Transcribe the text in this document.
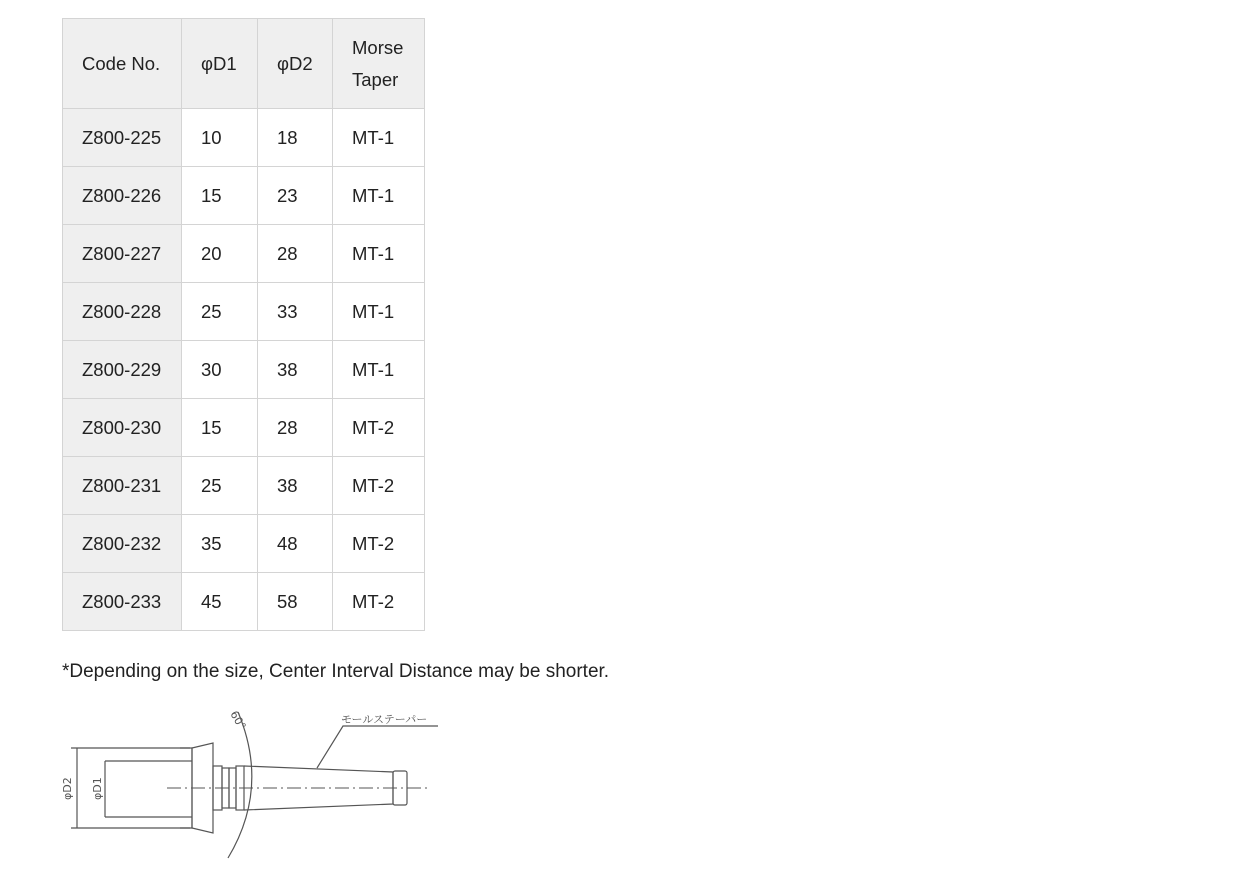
Code No.	φD1	φD2	Morse Taper
Z800-225	10	18	MT-1
Z800-226	15	23	MT-1
Z800-227	20	28	MT-1
Z800-228	25	33	MT-1
Z800-229	30	38	MT-1
Z800-230	15	28	MT-2
Z800-231	25	38	MT-2
Z800-232	35	48	MT-2
Z800-233	45	58	MT-2
*Depending on the size, Center Interval Distance may be shorter.
60°	モールステーパー
φD2 φD1
